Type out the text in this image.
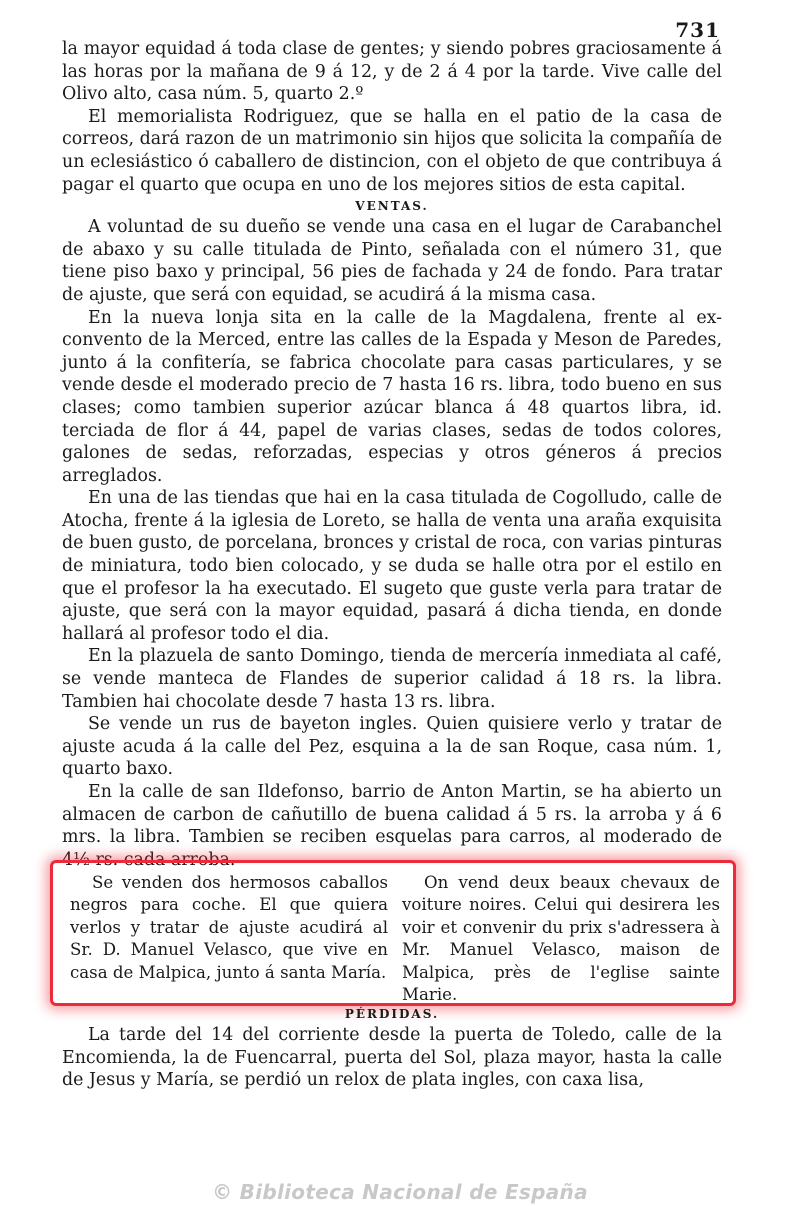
731

la mayor equidad á toda clase de gentes; y siendo pobres graciosamente á las horas por la mañana de 9 á 12, y de 2 á 4 por la tarde. Vive calle del Olivo alto, casa núm. 5, quarto 2.º

El memorialista Rodriguez, que se halla en el patio de la casa de correos, dará razon de un matrimonio sin hijos que solicita la compañía de un eclesiástico ó caballero de distincion, con el objeto de que contribuya á pagar el quarto que ocupa en uno de los mejores sitios de esta capital.

VENTAS.

A voluntad de su dueño se vende una casa en el lugar de Carabanchel de abaxo y su calle titulada de Pinto, señalada con el número 31, que tiene piso baxo y principal, 56 pies de fachada y 24 de fondo. Para tratar de ajuste, que será con equidad, se acudirá á la misma casa.

En la nueva lonja sita en la calle de la Magdalena, frente al ex-convento de la Merced, entre las calles de la Espada y Meson de Paredes, junto á la confitería, se fabrica chocolate para casas particulares, y se vende desde el moderado precio de 7 hasta 16 rs. libra, todo bueno en sus clases; como tambien superior azúcar blanca á 48 quartos libra, id. terciada de flor á 44, papel de varias clases, sedas de todos colores, galones de sedas, reforzadas, especias y otros géneros á precios arreglados.

En una de las tiendas que hai en la casa titulada de Cogolludo, calle de Atocha, frente á la iglesia de Loreto, se halla de venta una araña exquisita de buen gusto, de porcelana, bronces y cristal de roca, con varias pinturas de miniatura, todo bien colocado, y se duda se halle otra por el estilo en que el profesor la ha executado. El sugeto que guste verla para tratar de ajuste, que será con la mayor equidad, pasará á dicha tienda, en donde hallará al profesor todo el dia.

En la plazuela de santo Domingo, tienda de mercería inmediata al café, se vende manteca de Flandes de superior calidad á 18 rs. la libra. Tambien hai chocolate desde 7 hasta 13 rs. libra.

Se vende un rus de bayeton ingles. Quien quisiere verlo y tratar de ajuste acuda á la calle del Pez, esquina a la de san Roque, casa núm. 1, quarto baxo.

En la calle de san Ildefonso, barrio de Anton Martin, se ha abierto un almacen de carbon de cañutillo de buena calidad á 5 rs. la arroba y á 6 mrs. la libra. Tambien se reciben esquelas para carros, al moderado de 4½ rs. cada arroba.

Se venden dos hermosos caballos negros para coche. El que quiera verlos y tratar de ajuste acudirá al Sr. D. Manuel Velasco, que vive en casa de Malpica, junto á santa María.
On vend deux beaux chevaux de voiture noires. Celui qui desirera les voir et convenir du prix s'adressera à Mr. Manuel Velasco, maison de Malpica, près de l'eglise sainte Marie.
PÉRDIDAS.

La tarde del 14 del corriente desde la puerta de Toledo, calle de la Encomienda, la de Fuencarral, puerta del Sol, plaza mayor, hasta la calle de Jesus y María, se perdió un relox de plata ingles, con caxa lisa,

© Biblioteca Nacional de España
